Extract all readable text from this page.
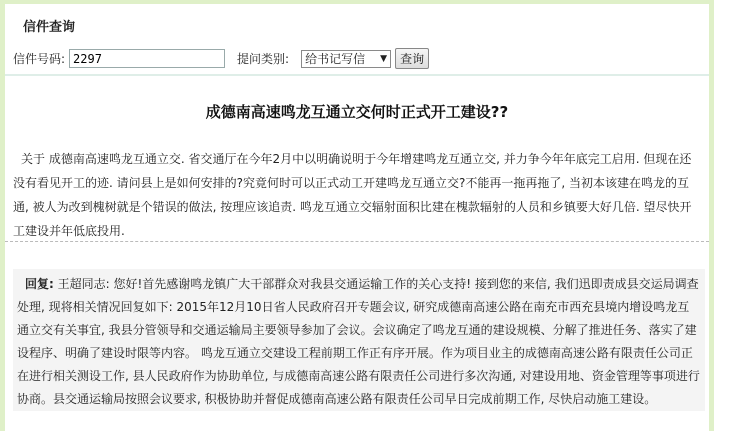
信件查询
信件号码:
2297	提问类别: 给书记写信 ▼	查询
成德南高速鸣龙互通立交何时正式开工建设??
关于 成德南高速鸣龙互通立交. 省交通厅在今年2月中以明确说明于今年增建鸣龙互通立交, 并力争今年年底完工启用. 但现在还没有看见开工的迹. 请问县上是如何安排的?究竟何时可以正式动工开建鸣龙互通立交?不能再一拖再拖了, 当初本该建在鸣龙的互通, 被人为改到槐树就是个错误的做法, 按理应该追责. 鸣龙互通立交辐射面积比建在槐款辐射的人员和乡镇要大好几倍. 望尽快开工建设并年低底投用.
回复: 王超同志: 您好!首先感谢鸣龙镇广大干部群众对我县交通运输工作的关心支持! 接到您的来信, 我们迅即责成县交运局调查处理, 现将相关情况回复如下: 2015年12月10日省人民政府召开专题会议, 研究成德南高速公路在南充市西充县境内增设鸣龙互通立交有关事宜, 我县分管领导和交通运输局主要领导参加了会议。会议确定了鸣龙互通的建设规模、分解了推进任务、落实了建设程序、明确了建设时限等内容。 鸣龙互通立交建设工程前期工作正有序开展。作为项目业主的成德南高速公路有限责任公司正在进行相关测设工作, 县人民政府作为协助单位, 与成德南高速公路有限责任公司进行多次沟通, 对建设用地、资金管理等事项进行协商。县交通运输局按照会议要求, 积极协助并督促成德南高速公路有限责任公司早日完成前期工作, 尽快启动施工建设。
